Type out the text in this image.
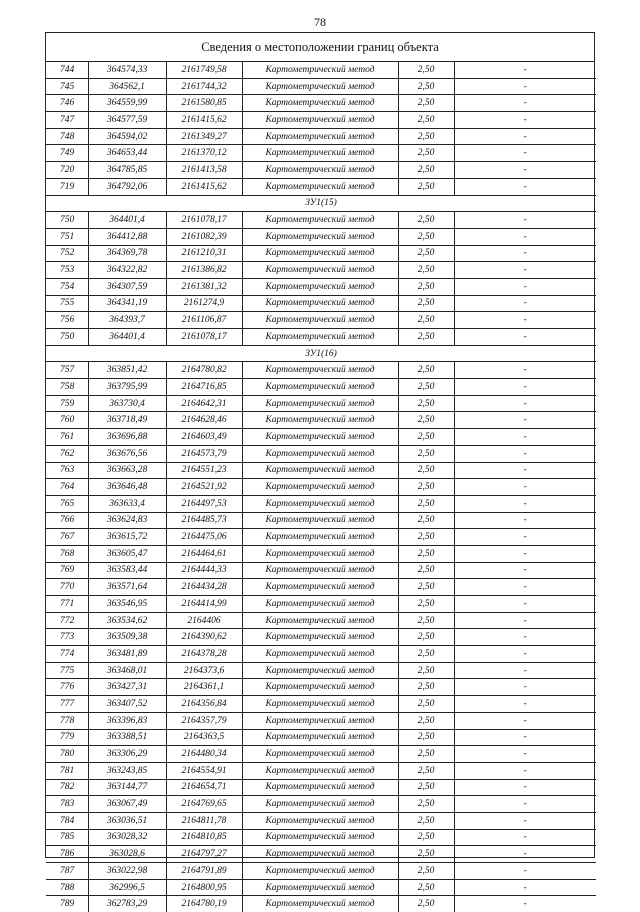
78
Сведения о местоположении границ объекта
744	364574,33	2161749,58	Картометрический метод	2,50	-
745	364562,1	2161744,32	Картометрический метод	2,50	-
746	364559,99	2161580,85	Картометрический метод	2,50	-
747	364577,59	2161415,62	Картометрический метод	2,50	-
748	364594,02	2161349,27	Картометрический метод	2,50	-
749	364653,44	2161370,12	Картометрический метод	2,50	-
720	364785,85	2161413,58	Картометрический метод	2,50	-
719	364792,06	2161415,62	Картометрический метод	2,50	-
ЗУ1(15)					
750	364401,4	2161078,17	Картометрический метод	2,50	-
751	364412,88	2161082,39	Картометрический метод	2,50	-
752	364369,78	2161210,31	Картометрический метод	2,50	-
753	364322,82	2161386,82	Картометрический метод	2,50	-
754	364307,59	2161381,32	Картометрический метод	2,50	-
755	364341,19	2161274,9	Картометрический метод	2,50	-
756	364393,7	2161106,87	Картометрический метод	2,50	-
750	364401,4	2161078,17	Картометрический метод	2,50	-
ЗУ1(16)					
757	363851,42	2164780,82	Картометрический метод	2,50	-
758	363795,99	2164716,85	Картометрический метод	2,50	-
759	363730,4	2164642,31	Картометрический метод	2,50	-
760	363718,49	2164628,46	Картометрический метод	2,50	-
761	363696,88	2164603,49	Картометрический метод	2,50	-
762	363676,56	2164573,79	Картометрический метод	2,50	-
763	363663,28	2164551,23	Картометрический метод	2,50	-
764	363646,48	2164521,92	Картометрический метод	2,50	-
765	363633,4	2164497,53	Картометрический метод	2,50	-
766	363624,83	2164485,73	Картометрический метод	2,50	-
767	363615,72	2164475,06	Картометрический метод	2,50	-
768	363605,47	2164464,61	Картометрический метод	2,50	-
769	363583,44	2164444,33	Картометрический метод	2,50	-
770	363571,64	2164434,28	Картометрический метод	2,50	-
771	363546,95	2164414,99	Картометрический метод	2,50	-
772	363534,62	2164406	Картометрический метод	2,50	-
773	363509,38	2164390,62	Картометрический метод	2,50	-
774	363481,89	2164378,28	Картометрический метод	2,50	-
775	363468,01	2164373,6	Картометрический метод	2,50	-
776	363427,31	2164361,1	Картометрический метод	2,50	-
777	363407,52	2164356,84	Картометрический метод	2,50	-
778	363396,83	2164357,79	Картометрический метод	2,50	-
779	363388,51	2164363,5	Картометрический метод	2,50	-
780	363306,29	2164480,34	Картометрический метод	2,50	-
781	363243,85	2164554,91	Картометрический метод	2,50	-
782	363144,77	2164654,71	Картометрический метод	2,50	-
783	363067,49	2164769,65	Картометрический метод	2,50	-
784	363036,51	2164811,78	Картометрический метод	2,50	-
785	363028,32	2164810,85	Картометрический метод	2,50	-
786	363028,6	2164797,27	Картометрический метод	2,50	-
787	363022,98	2164791,89	Картометрический метод	2,50	-
788	362996,5	2164800,95	Картометрический метод	2,50	-
789	362783,29	2164780,19	Картометрический метод	2,50	-
